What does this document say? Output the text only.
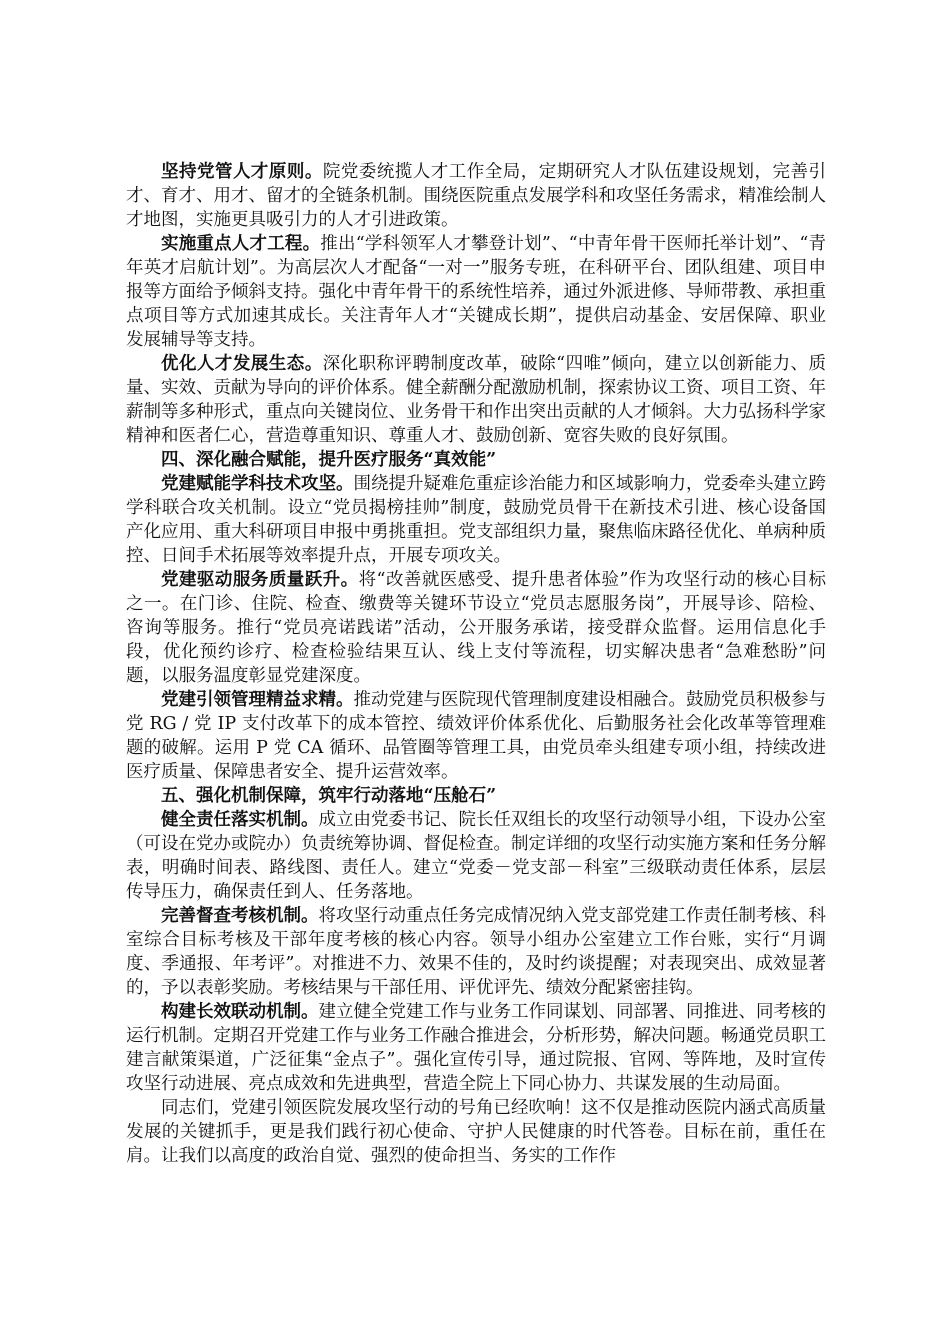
坚持党管人才原则。院党委统揽人才工作全局，定期研究人才队伍建设规划，完善引才、育才、用才、留才的全链条机制。围绕医院重点发展学科和攻坚任务需求，精准绘制人才地图，实施更具吸引力的人才引进政策。

实施重点人才工程。推出“学科领军人才攀登计划”、“中青年骨干医师托举计划”、“青年英才启航计划”。为高层次人才配备“一对一”服务专班，在科研平台、团队组建、项目申报等方面给予倾斜支持。强化中青年骨干的系统性培养，通过外派进修、导师带教、承担重点项目等方式加速其成长。关注青年人才“关键成长期”，提供启动基金、安居保障、职业发展辅导等支持。

优化人才发展生态。深化职称评聘制度改革，破除“四唯”倾向，建立以创新能力、质量、实效、贡献为导向的评价体系。健全薪酬分配激励机制，探索协议工资、项目工资、年薪制等多种形式，重点向关键岗位、业务骨干和作出突出贡献的人才倾斜。大力弘扬科学家精神和医者仁心，营造尊重知识、尊重人才、鼓励创新、宽容失败的良好氛围。

四、深化融合赋能，提升医疗服务“真效能”

党建赋能学科技术攻坚。围绕提升疑难危重症诊治能力和区域影响力，党委牵头建立跨学科联合攻关机制。设立“党员揭榜挂帅”制度，鼓励党员骨干在新技术引进、核心设备国产化应用、重大科研项目申报中勇挑重担。党支部组织力量，聚焦临床路径优化、单病种质控、日间手术拓展等效率提升点，开展专项攻关。

党建驱动服务质量跃升。将“改善就医感受、提升患者体验”作为攻坚行动的核心目标之一。在门诊、住院、检查、缴费等关键环节设立“党员志愿服务岗”，开展导诊、陪检、咨询等服务。推行“党员亮诺践诺”活动，公开服务承诺，接受群众监督。运用信息化手段，优化预约诊疗、检查检验结果互认、线上支付等流程，切实解决患者“急难愁盼”问题，以服务温度彰显党建深度。

党建引领管理精益求精。推动党建与医院现代管理制度建设相融合。鼓励党员积极参与党 RG / 党 IP 支付改革下的成本管控、绩效评价体系优化、后勤服务社会化改革等管理难题的破解。运用 P 党 CA 循环、品管圈等管理工具，由党员牵头组建专项小组，持续改进医疗质量、保障患者安全、提升运营效率。

五、强化机制保障，筑牢行动落地“压舱石”

健全责任落实机制。成立由党委书记、院长任双组长的攻坚行动领导小组，下设办公室（可设在党办或院办）负责统筹协调、督促检查。制定详细的攻坚行动实施方案和任务分解表，明确时间表、路线图、责任人。建立“党委－党支部－科室”三级联动责任体系，层层传导压力，确保责任到人、任务落地。

完善督查考核机制。将攻坚行动重点任务完成情况纳入党支部党建工作责任制考核、科室综合目标考核及干部年度考核的核心内容。领导小组办公室建立工作台账，实行“月调度、季通报、年考评”。对推进不力、效果不佳的，及时约谈提醒；对表现突出、成效显著的，予以表彰奖励。考核结果与干部任用、评优评先、绩效分配紧密挂钩。

构建长效联动机制。建立健全党建工作与业务工作同谋划、同部署、同推进、同考核的运行机制。定期召开党建工作与业务工作融合推进会，分析形势，解决问题。畅通党员职工建言献策渠道，广泛征集“金点子”。强化宣传引导，通过院报、官网、等阵地，及时宣传攻坚行动进展、亮点成效和先进典型，营造全院上下同心协力、共谋发展的生动局面。

同志们，党建引领医院发展攻坚行动的号角已经吹响！这不仅是推动医院内涵式高质量发展的关键抓手，更是我们践行初心使命、守护人民健康的时代答卷。目标在前，重任在肩。让我们以高度的政治自觉、强烈的使命担当、务实的工作作
